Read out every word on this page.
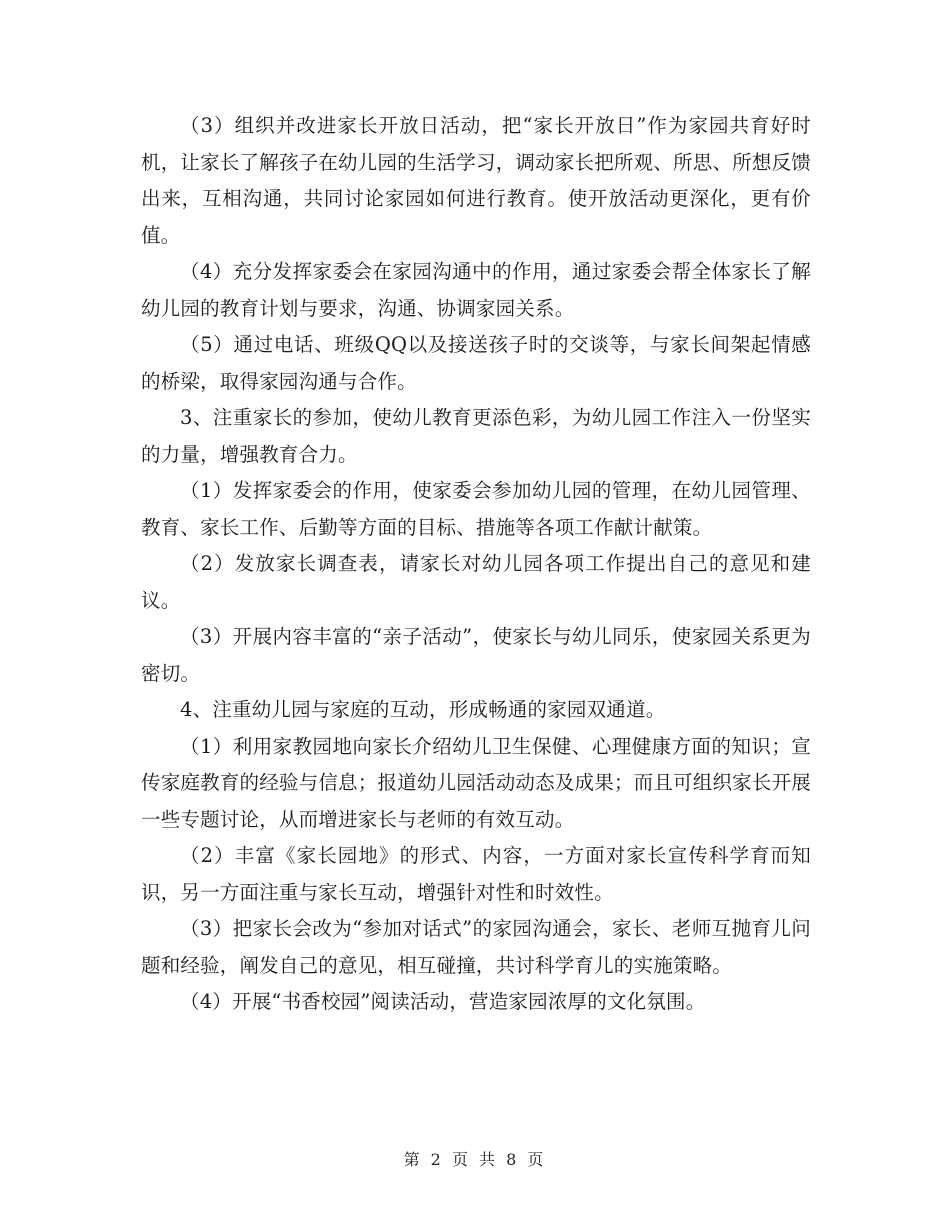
（3）组织并改进家长开放日活动，把“家长开放日”作为家园共育好时机，让家长了解孩子在幼儿园的生活学习，调动家长把所观、所思、所想反馈出来，互相沟通，共同讨论家园如何进行教育。使开放活动更深化，更有价值。

（4）充分发挥家委会在家园沟通中的作用，通过家委会帮全体家长了解幼儿园的教育计划与要求，沟通、协调家园关系。

（5）通过电话、班级QQ以及接送孩子时的交谈等，与家长间架起情感的桥梁，取得家园沟通与合作。

3、注重家长的参加，使幼儿教育更添色彩，为幼儿园工作注入一份坚实的力量，增强教育合力。

（1）发挥家委会的作用，使家委会参加幼儿园的管理，在幼儿园管理、教育、家长工作、后勤等方面的目标、措施等各项工作献计献策。

（2）发放家长调查表，请家长对幼儿园各项工作提出自己的意见和建议。

（3）开展内容丰富的“亲子活动”，使家长与幼儿同乐，使家园关系更为密切。

4、注重幼儿园与家庭的互动，形成畅通的家园双通道。

（1）利用家教园地向家长介绍幼儿卫生保健、心理健康方面的知识；宣传家庭教育的经验与信息；报道幼儿园活动动态及成果；而且可组织家长开展一些专题讨论，从而增进家长与老师的有效互动。

（2）丰富《家长园地》的形式、内容，一方面对家长宣传科学育而知识，另一方面注重与家长互动，增强针对性和时效性。

（3）把家长会改为“参加对话式”的家园沟通会，家长、老师互抛育儿问题和经验，阐发自己的意见，相互碰撞，共讨科学育儿的实施策略。

（4）开展“书香校园”阅读活动，营造家园浓厚的文化氛围。

第 2 页 共 8 页
